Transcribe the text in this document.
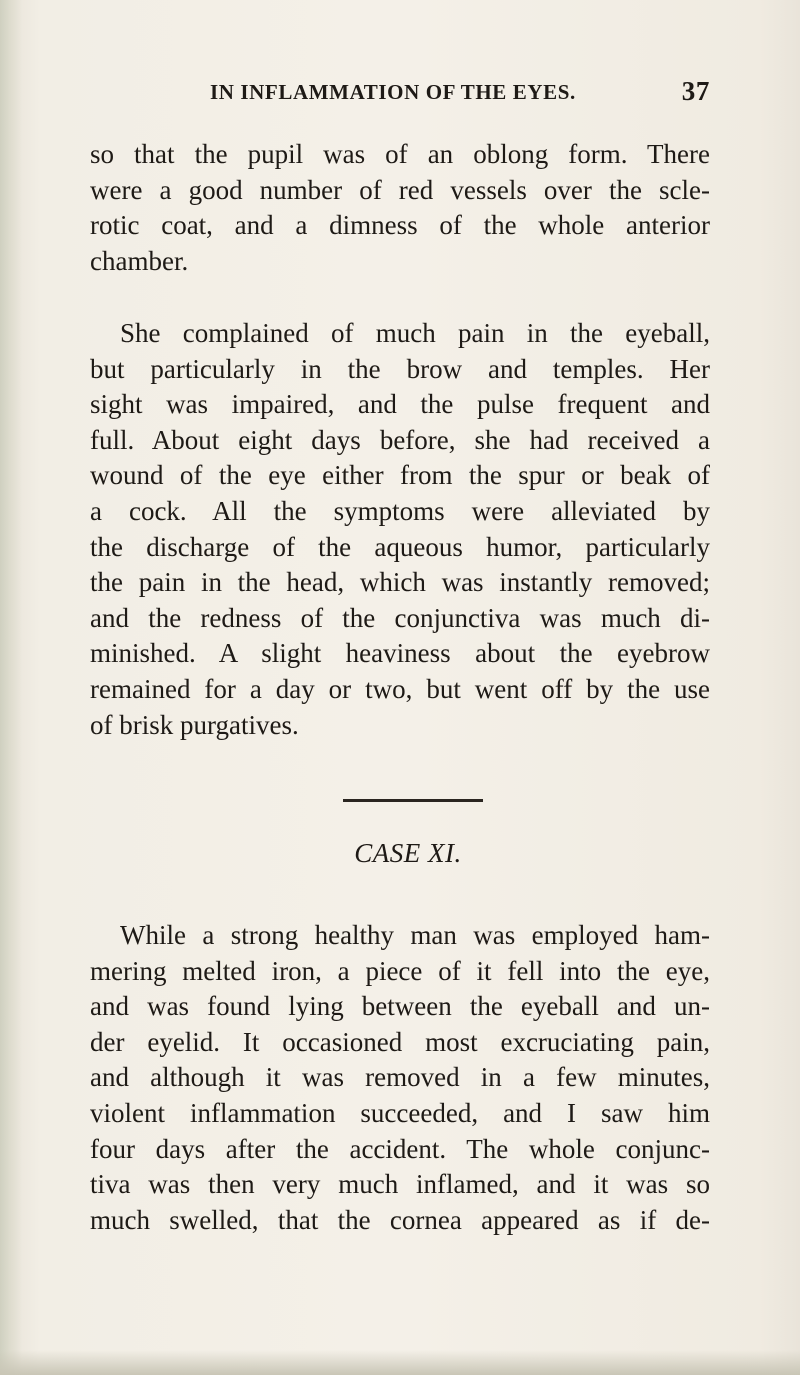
IN INFLAMMATION OF THE EYES.	37
so that the pupil was of an oblong form. There
were a good number of red vessels over the scle-
rotic coat, and a dimness of the whole anterior
chamber.
She complained of much pain in the eyeball,
but particularly in the brow and temples. Her
sight was impaired, and the pulse frequent and
full. About eight days before, she had received a
wound of the eye either from the spur or beak of
a cock. All the symptoms were alleviated by
the discharge of the aqueous humor, particularly
the pain in the head, which was instantly removed;
and the redness of the conjunctiva was much di-
minished. A slight heaviness about the eyebrow
remained for a day or two, but went off by the use
of brisk purgatives.
CASE XI.
While a strong healthy man was employed ham-
mering melted iron, a piece of it fell into the eye,
and was found lying between the eyeball and un-
der eyelid. It occasioned most excruciating pain,
and although it was removed in a few minutes,
violent inflammation succeeded, and I saw him
four days after the accident. The whole conjunc-
tiva was then very much inflamed, and it was so
much swelled, that the cornea appeared as if de-
